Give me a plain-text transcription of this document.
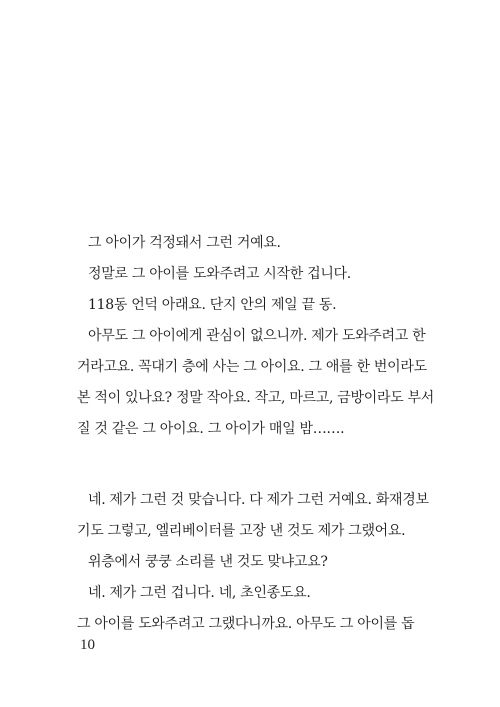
그 아이가 걱정돼서 그런 거예요.
정말로 그 아이를 도와주려고 시작한 겁니다.
118동 언덕 아래요. 단지 안의 제일 끝 동.
아무도 그 아이에게 관심이 없으니까. 제가 도와주려고 한
거라고요. 꼭대기 층에 사는 그 아이요. 그 애를 한 번이라도
본 적이 있나요? 정말 작아요. 작고, 마르고, 금방이라도 부서
질 것 같은 그 아이요. 그 아이가 매일 밤…….
네. 제가 그런 것 맞습니다. 다 제가 그런 거예요. 화재경보
기도 그렇고, 엘리베이터를 고장 낸 것도 제가 그랬어요.
위층에서 쿵쿵 소리를 낸 것도 맞냐고요?
네. 제가 그런 겁니다. 네, 초인종도요.
그 아이를 도와주려고 그랬다니까요. 아무도 그 아이를 돕
10
